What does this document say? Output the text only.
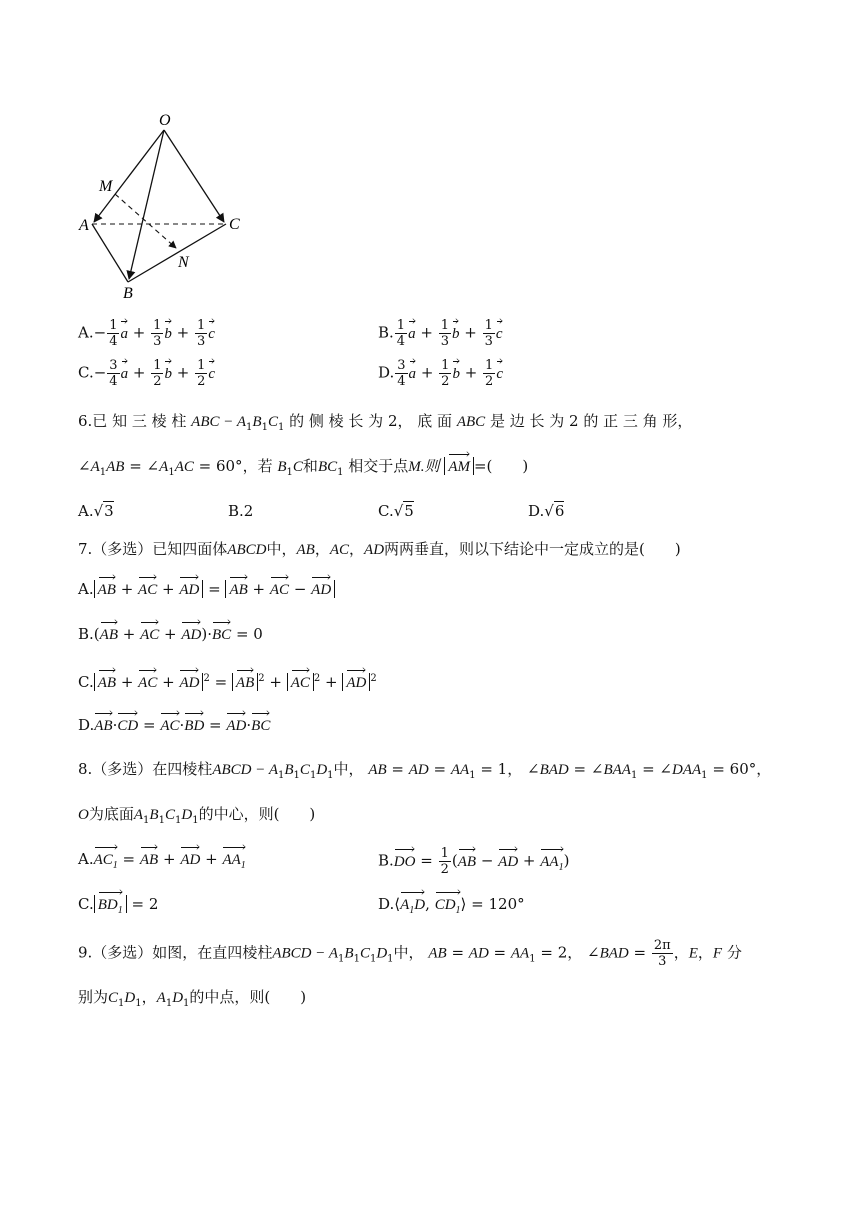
O
M
A	C
N
B
$A.- \frac{1}{4}$ $a + \frac{1}{3}$ $b + \frac{1}{3}$ c	B. $\frac{1}{4}$ $a + \frac{1}{3}$ $b + \frac{1}{3}$ c
$C.- \frac{3}{4}$ $a + \frac{1}{2}$ $b + \frac{1}{2}$ c	D. $\frac{3}{4}$ $a + \frac{1}{2}$ $b + \frac{1}{2}$ c
6.已 知 三 棱 柱 ABC − $A_1B_1C_1$ 的 侧 棱 长 为 2， 底 面 ABC 是 边 长 为 2 的 正 三 角 形，
$\angle A_1AB$ = $\angle A_1AC = 60^\circ$，若 $B_1C$和$BC_1$ 相交于点M.则 AM =(　　)
A.√3	B.2	C.√5	D.√6
7.（多选）已知四面体ABCD中，AB，AC，AD两两垂直，则以下结论中一定成立的是(　　)
A. AB + AC + AD = AB + AC − AD
B.(AB + AC + AD)·BC = 0
C. AB + AC + AD $^2$ = AB $^2$ + AC $^2$ + AD $^2$
D.AB·CD = AC·BD = AD·BC
8.（多选）在四棱柱ABCD − $A_1B_1C_1D_1$中， AB = AD = $AA_1 = 1$， ∠BAD = $\angle BAA_1$ = $\angle DAA_1 = 60^\circ$，
O为底面$A_1B_1C_1D_1$的中心，则(　　)
$A.AC_1$ = AB + AD + $AA_1$	$B.DO = \frac{1}{2} (AB$ − AD + $AA_1$)
C. $BD_1 = 2$	$D.⟨A_1D$, $CD_1⟩ = 120^\circ$
9.（多选）如图，在直四棱柱ABCD − $A_1B_1C_1D_1$中， AB = AD = $AA_1 = 2$， ∠BAD = $\frac{2\pi}{3}$ ，E，F 分
别为$C_1D_1$，$A_1D_1$的中点，则(　　)
